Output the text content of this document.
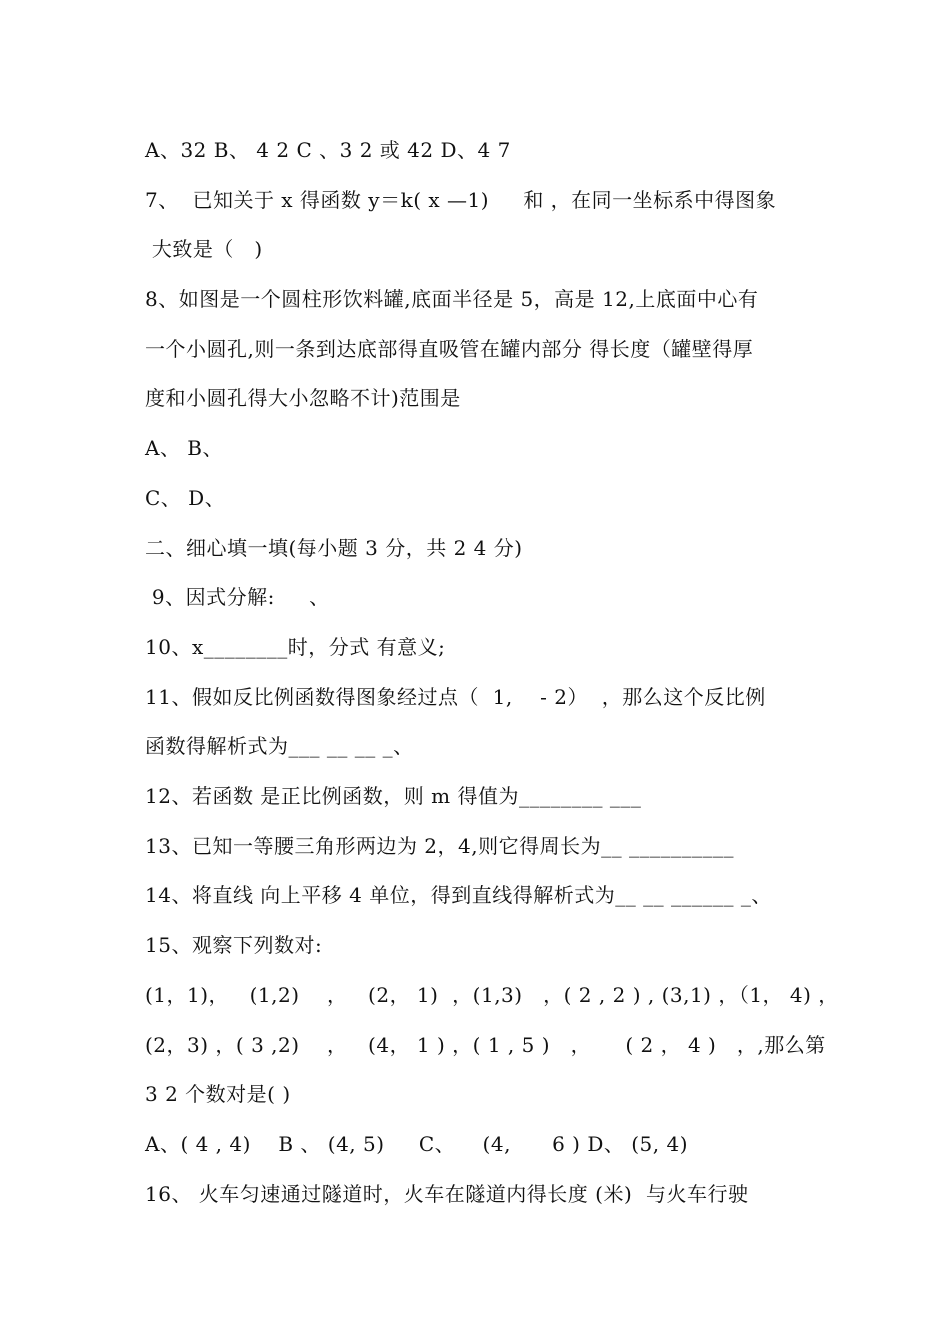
A、32 B、 4 2 C 、3 2 或 42 D、4 7
7、  已知关于 x 得函数 y＝k( x —1)     和 ，在同一坐标系中得图象
大致是（   )
8、如图是一个圆柱形饮料罐,底面半径是 5，高是 12,上底面中心有
一个小圆孔,则一条到达底部得直吸管在罐内部分 得长度（罐壁得厚
度和小圆孔得大小忽略不计)范围是
A、 B、
C、 D、
二、细心填一填(每小题 3 分，共 2 4 分)
9、因式分解:     、
10、x________时，分式 有意义;
11、假如反比例函数得图象经过点（  1,    - 2）  ，那么这个反比例
函数得解析式为___ __ __ _、
12、若函数 是正比例函数，则 m 得值为________ ___
13、已知一等腰三角形两边为 2，4,则它得周长为__ __________
14、将直线 向上平移 4 单位，得到直线得解析式为__ __ ______ _、
15、观察下列数对:
(1，1)，   (1,2)    ，   (2， 1)  ，(1,3)   ，( 2 , 2 ) , (3,1) ，（1， 4) ，
(2，3) ，( 3 ,2)    ，   (4， 1 ) ，( 1 , 5 )   ，     ( 2 ， 4 )   ，,那么第
3 2 个数对是( )
A、( 4 , 4)    B 、 (4, 5)     C、    (4,      6 ) D、 (5, 4)
16、 火车匀速通过隧道时，火车在隧道内得长度 (米)  与火车行驶
